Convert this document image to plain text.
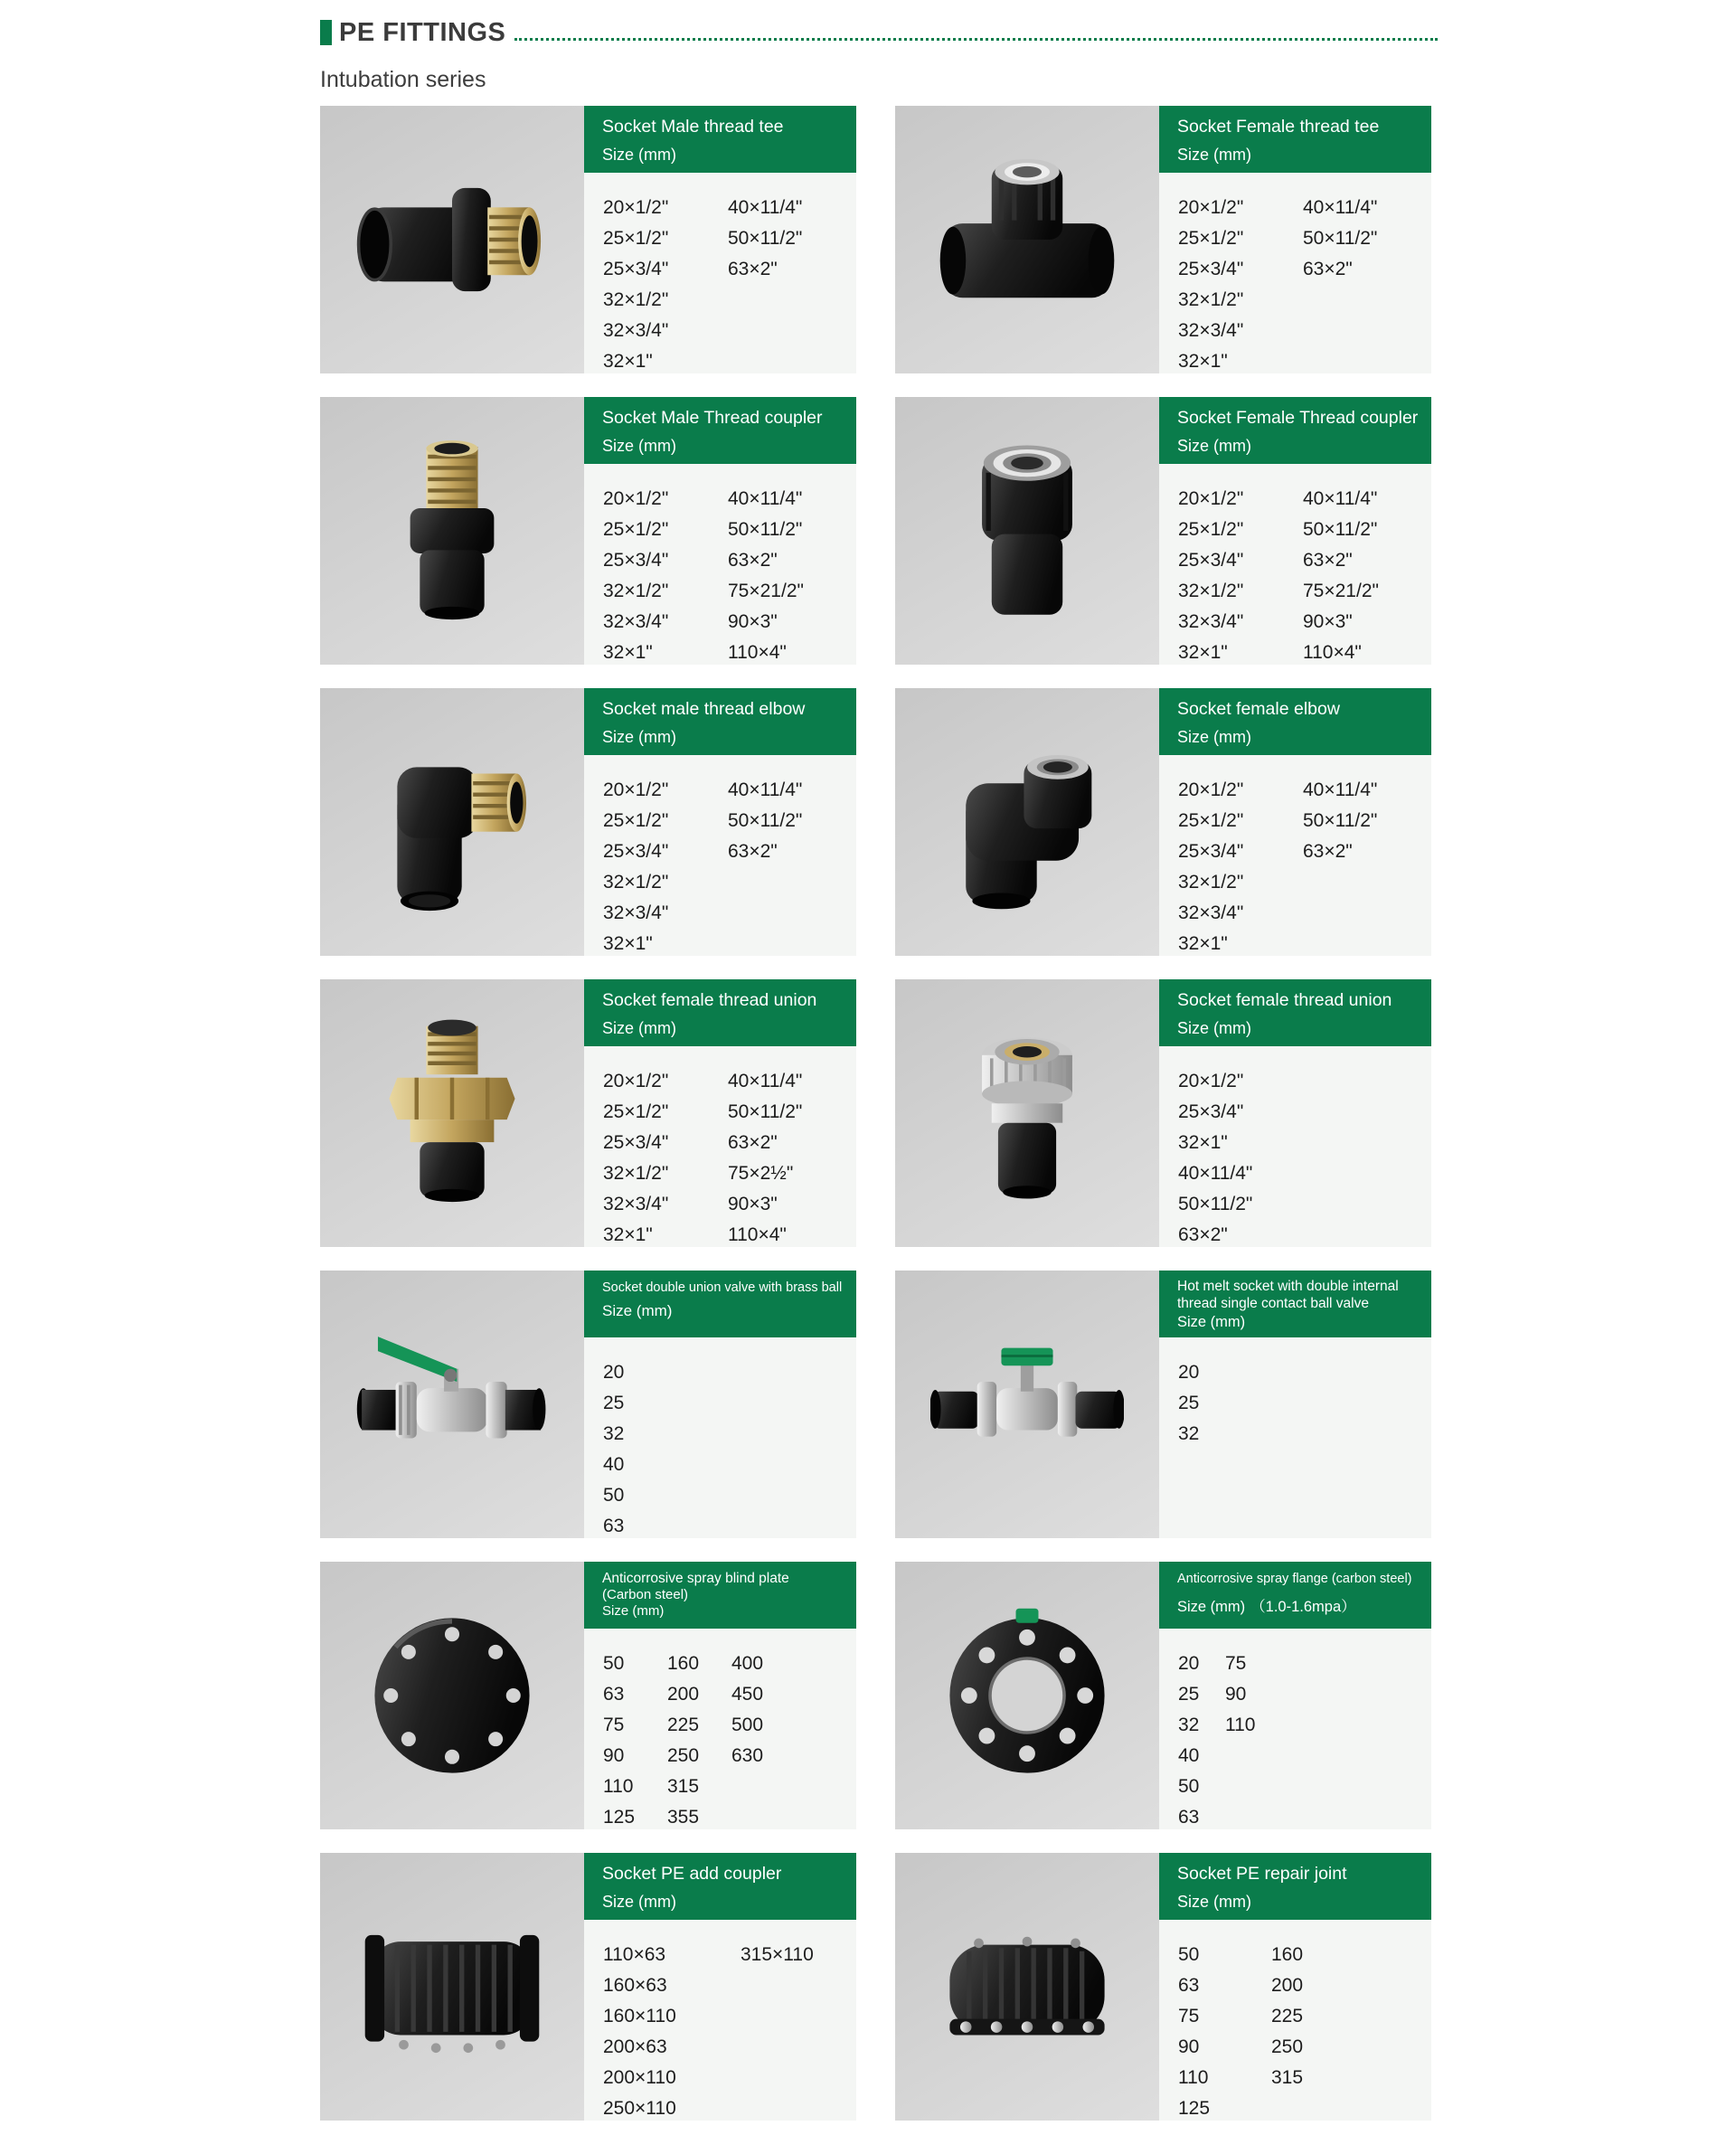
PE FITTINGS
Intubation series
Socket Male thread tee
Size (mm)
20×1/2"
25×1/2"
25×3/4"
32×1/2"
32×3/4"
32×1"
40×11/4"
50×11/2"
63×2"
Socket Female thread tee
Size (mm)
20×1/2"
25×1/2"
25×3/4"
32×1/2"
32×3/4"
32×1"
40×11/4"
50×11/2"
63×2"
Socket Male Thread coupler
Size (mm)
20×1/2"
25×1/2"
25×3/4"
32×1/2"
32×3/4"
32×1"
40×11/4"
50×11/2"
63×2"
75×21/2"
90×3"
110×4"
Socket Female Thread coupler
Size (mm)
20×1/2"
25×1/2"
25×3/4"
32×1/2"
32×3/4"
32×1"
40×11/4"
50×11/2"
63×2"
75×21/2"
90×3"
110×4"
Socket male thread elbow
Size (mm)
20×1/2"
25×1/2"
25×3/4"
32×1/2"
32×3/4"
32×1"
40×11/4"
50×11/2"
63×2"
Socket female elbow
Size (mm)
20×1/2"
25×1/2"
25×3/4"
32×1/2"
32×3/4"
32×1"
40×11/4"
50×11/2"
63×2"
Socket female thread union
Size (mm)
20×1/2"
25×1/2"
25×3/4"
32×1/2"
32×3/4"
32×1"
40×11/4"
50×11/2"
63×2"
75×2½"
90×3"
110×4"
Socket female thread union
Size (mm)
20×1/2"
25×3/4"
32×1"
40×11/4"
50×11/2"
63×2"
Socket double union valve with brass ball
Size (mm)
20
25
32
40
50
63
Hot melt socket with double internal thread single contact ball valve
Size (mm)
20
25
32
Anticorrosive spray blind plate
(Carbon steel)
Size (mm)
50
63
75
90
110
125
160
200
225
250
315
355
400
450
500
630
Anticorrosive spray flange (carbon steel)
Size (mm) （1.0-1.6mpa）
20
25
32
40
50
63
75
90
110
Socket PE add coupler
Size (mm)
110×63
160×63
160×110
200×63
200×110
250×110
315×110
Socket PE repair joint
Size (mm)
50
63
75
90
110
125
160
200
225
250
315
